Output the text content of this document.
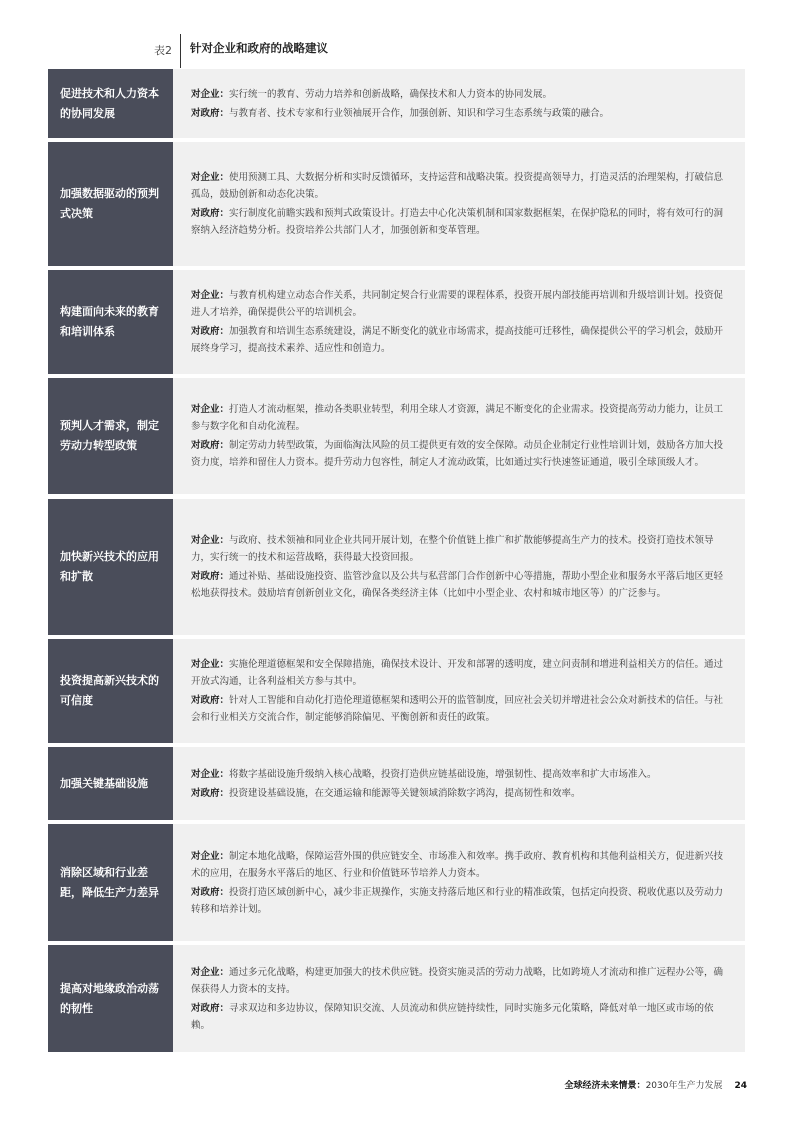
表2 针对企业和政府的战略建议
促进技术和人力资本的协同发展
对企业：实行统一的教育、劳动力培养和创新战略，确保技术和人力资本的协同发展。
对政府：与教育者、技术专家和行业领袖展开合作，加强创新、知识和学习生态系统与政策的融合。
加强数据驱动的预判式决策
对企业：使用预测工具、大数据分析和实时反馈循环，支持运营和战略决策。投资提高领导力，打造灵活的治理架构，打破信息孤岛，鼓励创新和动态化决策。
对政府：实行制度化前瞻实践和预判式政策设计。打造去中心化决策机制和国家数据框架，在保护隐私的同时，将有效可行的洞察纳入经济趋势分析。投资培养公共部门人才，加强创新和变革管理。
构建面向未来的教育和培训体系
对企业：与教育机构建立动态合作关系，共同制定契合行业需要的课程体系，投资开展内部技能再培训和升级培训计划。投资促进人才培养，确保提供公平的培训机会。
对政府：加强教育和培训生态系统建设，满足不断变化的就业市场需求，提高技能可迁移性，确保提供公平的学习机会，鼓励开展终身学习，提高技术素养、适应性和创造力。
预判人才需求，制定劳动力转型政策
对企业：打造人才流动框架，推动各类职业转型，利用全球人才资源，满足不断变化的企业需求。投资提高劳动力能力，让员工参与数字化和自动化流程。
对政府：制定劳动力转型政策，为面临淘汰风险的员工提供更有效的安全保障。动员企业制定行业性培训计划，鼓励各方加大投资力度，培养和留住人力资本。提升劳动力包容性，制定人才流动政策，比如通过实行快速签证通道，吸引全球顶级人才。
加快新兴技术的应用和扩散
对企业：与政府、技术领袖和同业企业共同开展计划，在整个价值链上推广和扩散能够提高生产力的技术。投资打造技术领导力，实行统一的技术和运营战略，获得最大投资回报。
对政府：通过补贴、基础设施投资、监管沙盒以及公共与私营部门合作创新中心等措施，帮助小型企业和服务水平落后地区更轻松地获得技术。鼓励培育创新创业文化，确保各类经济主体（比如中小型企业、农村和城市地区等）的广泛参与。
投资提高新兴技术的可信度
对企业：实施伦理道德框架和安全保障措施，确保技术设计、开发和部署的透明度，建立问责制和增进利益相关方的信任。通过开放式沟通，让各利益相关方参与其中。
对政府：针对人工智能和自动化打造伦理道德框架和透明公开的监管制度，回应社会关切并增进社会公众对新技术的信任。与社会和行业相关方交流合作，制定能够消除偏见、平衡创新和责任的政策。
加强关键基础设施
对企业：将数字基础设施升级纳入核心战略，投资打造供应链基础设施，增强韧性、提高效率和扩大市场准入。
对政府：投资建设基础设施，在交通运输和能源等关键领域消除数字鸿沟，提高韧性和效率。
消除区域和行业差距，降低生产力差异
对企业：制定本地化战略，保障运营外围的供应链安全、市场准入和效率。携手政府、教育机构和其他利益相关方，促进新兴技术的应用，在服务水平落后的地区、行业和价值链环节培养人力资本。
对政府：投资打造区域创新中心，减少非正规操作，实施支持落后地区和行业的精准政策，包括定向投资、税收优惠以及劳动力转移和培养计划。
提高对地缘政治动荡的韧性
对企业：通过多元化战略，构建更加强大的技术供应链。投资实施灵活的劳动力战略，比如跨境人才流动和推广远程办公等，确保获得人力资本的支持。
对政府：寻求双边和多边协议，保障知识交流、人员流动和供应链持续性，同时实施多元化策略，降低对单一地区或市场的依赖。
全球经济未来情景：2030年生产力发展 24
